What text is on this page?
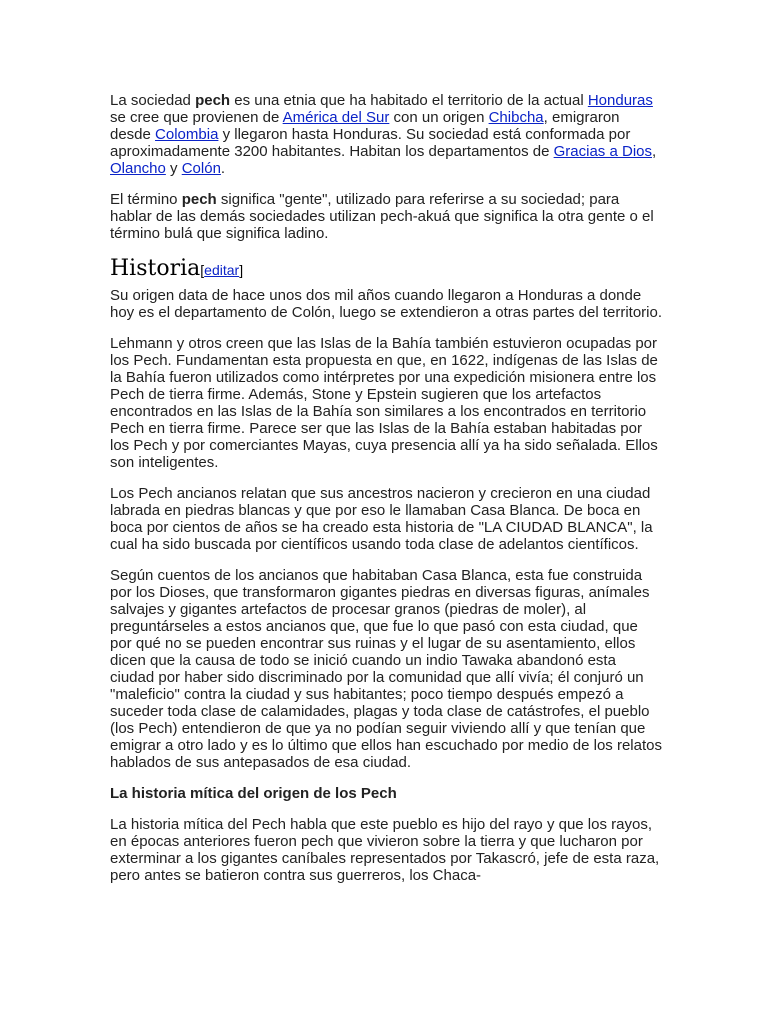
La sociedad pech es una etnia que ha habitado el territorio de la actual Honduras se cree que provienen de América del Sur con un origen Chibcha, emigraron desde Colombia y llegaron hasta Honduras. Su sociedad está conformada por aproximadamente 3200 habitantes. Habitan los departamentos de Gracias a Dios, Olancho y Colón.

El término pech significa "gente", utilizado para referirse a su sociedad; para hablar de las demás sociedades utilizan pech-akuá que significa la otra gente o el término bulá que significa ladino.

Historia[editar]

Su origen data de hace unos dos mil años cuando llegaron a Honduras a donde hoy es el departamento de Colón, luego se extendieron a otras partes del territorio.

Lehmann y otros creen que las Islas de la Bahía también estuvieron ocupadas por los Pech. Fundamentan esta propuesta en que, en 1622, indígenas de las Islas de la Bahía fueron utilizados como intérpretes por una expedición misionera entre los Pech de tierra firme. Además, Stone y Epstein sugieren que los artefactos encontrados en las Islas de la Bahía son similares a los encontrados en territorio Pech en tierra firme. Parece ser que las Islas de la Bahía estaban habitadas por los Pech y por comerciantes Mayas, cuya presencia allí ya ha sido señalada. Ellos son inteligentes.

Los Pech ancianos relatan que sus ancestros nacieron y crecieron en una ciudad labrada en piedras blancas y que por eso le llamaban Casa Blanca. De boca en boca por cientos de años se ha creado esta historia de "LA CIUDAD BLANCA", la cual ha sido buscada por científicos usando toda clase de adelantos científicos.

Según cuentos de los ancianos que habitaban Casa Blanca, esta fue construida por los Dioses, que transformaron gigantes piedras en diversas figuras, anímales salvajes y gigantes artefactos de procesar granos (piedras de moler), al preguntárseles a estos ancianos que, que fue lo que pasó con esta ciudad, que por qué no se pueden encontrar sus ruinas y el lugar de su asentamiento, ellos dicen que la causa de todo se inició cuando un indio Tawaka abandonó esta ciudad por haber sido discriminado por la comunidad que allí vivía; él conjuró un "maleficio" contra la ciudad y sus habitantes; poco tiempo después empezó a suceder toda clase de calamidades, plagas y toda clase de catástrofes, el pueblo (los Pech) entendieron de que ya no podían seguir viviendo allí y que tenían que emigrar a otro lado y es lo último que ellos han escuchado por medio de los relatos hablados de sus antepasados de esa ciudad.

La historia mítica del origen de los Pech

La historia mítica del Pech habla que este pueblo es hijo del rayo y que los rayos, en épocas anteriores fueron pech que vivieron sobre la tierra y que lucharon por exterminar a los gigantes caníbales representados por Takascró, jefe de esta raza, pero antes se batieron contra sus guerreros, los Chaca-
